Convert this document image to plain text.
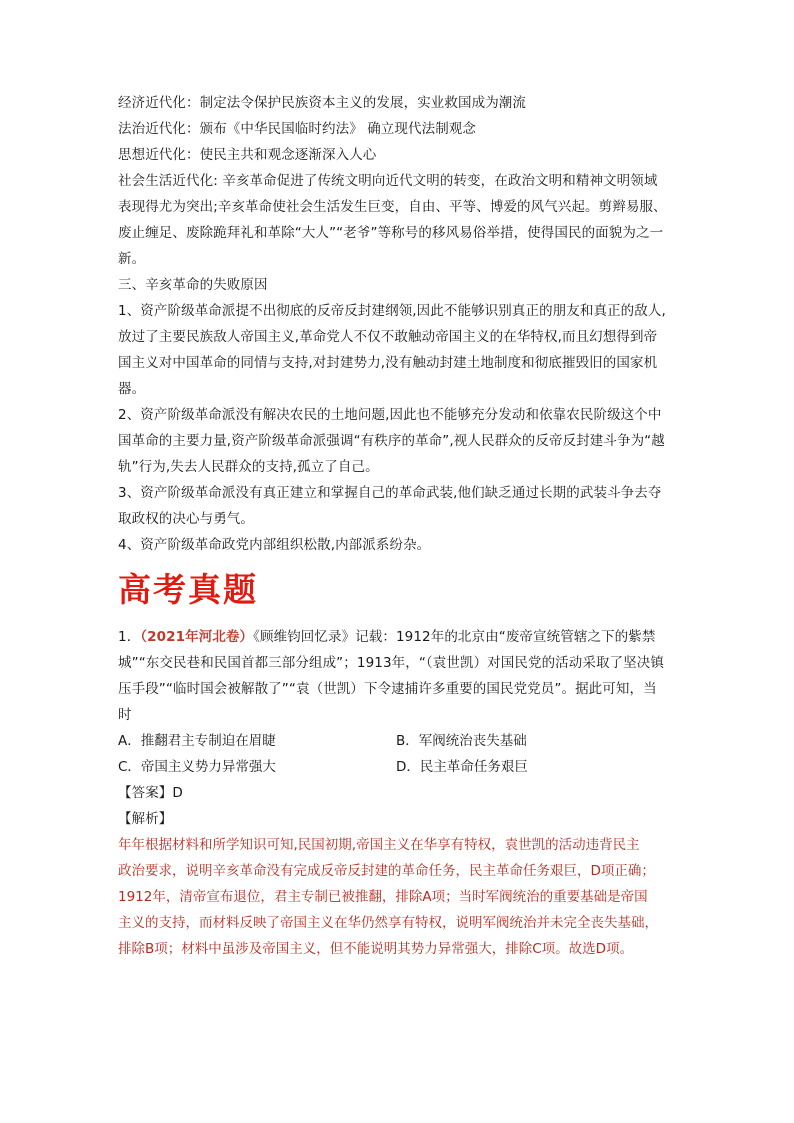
经济近代化：制定法令保护民族资本主义的发展，实业救国成为潮流
法治近代化：颁布《中华民国临时约法》 确立现代法制观念
思想近代化：使民主共和观念逐渐深入人心
社会生活近代化: 辛亥革命促进了传统文明向近代文明的转变，在政治文明和精神文明领域
表现得尤为突出;辛亥革命使社会生活发生巨变，自由、平等、博爱的风气兴起。剪辫易服、
废止缠足、废除跪拜礼和革除“大人”“老爷”等称号的移风易俗举措，使得国民的面貌为之一
新。
三、辛亥革命的失败原因
1、资产阶级革命派提不出彻底的反帝反封建纲领,因此不能够识别真正的朋友和真正的敌人,
放过了主要民族敌人帝国主义,革命党人不仅不敢触动帝国主义的在华特权,而且幻想得到帝
国主义对中国革命的同情与支持,对封建势力,没有触动封建土地制度和彻底摧毁旧的国家机
器。
2、资产阶级革命派没有解决农民的土地问题,因此也不能够充分发动和依靠农民阶级这个中
国革命的主要力量,资产阶级革命派强调“有秩序的革命”,视人民群众的反帝反封建斗争为“越
轨”行为,失去人民群众的支持,孤立了自己。
3、资产阶级革命派没有真正建立和掌握自己的革命武装,他们缺乏通过长期的武装斗争去夺
取政权的决心与勇气。
4、资产阶级革命政党内部组织松散,内部派系纷杂。
高考真题
1．（2021年河北卷）《顾维钧回忆录》记载：1912年的北京由“废帝宣统管辖之下的紫禁
城”“东交民巷和民国首都三部分组成”；1913年，“（袁世凯）对国民党的活动采取了坚决镇
压手段”“临时国会被解散了”“袁（世凯）下令逮捕许多重要的国民党党员”。据此可知，当
时
A．推翻君主专制迫在眉睫	B．军阀统治丧失基础
C．帝国主义势力异常强大	D．民主革命任务艰巨
【答案】D
【解析】

年年根据材料和所学知识可知,民国初期,帝国主义在华享有特权，袁世凯的活动违背民主

政治要求，说明辛亥革命没有完成反帝反封建的革命任务，民主革命任务艰巨，D项正确；

1912年，清帝宣布退位，君主专制已被推翻，排除A项；当时军阀统治的重要基础是帝国

主义的支持，而材料反映了帝国主义在华仍然享有特权，说明军阀统治并未完全丧失基础，

排除B项；材料中虽涉及帝国主义，但不能说明其势力异常强大，排除C项。故选D项。
